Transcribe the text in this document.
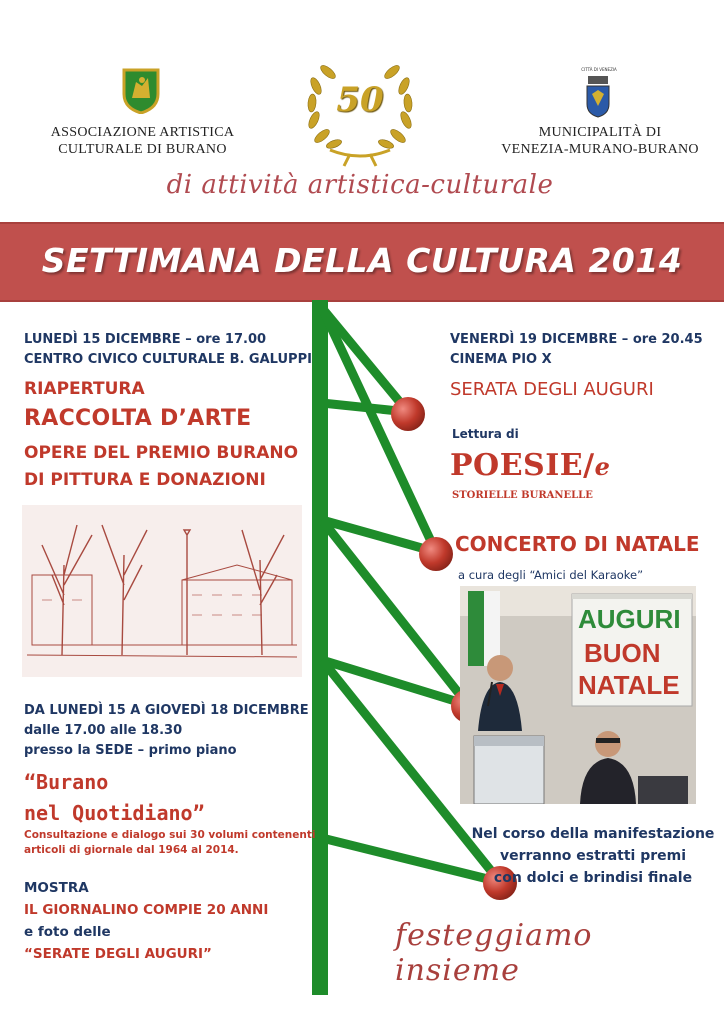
ASSOCIAZIONE ARTISTICA
CULTURALE DI BURANO
50
CITTÀ DI VENEZIA
MUNICIPALITÀ DI
VENEZIA-MURANO-BURANO
di attività artistica-culturale
SETTIMANA DELLA CULTURA 2014
LUNEDÌ 15 DICEMBRE – ore 17.00
CENTRO CIVICO CULTURALE B. GALUPPI
RIAPERTURA
RACCOLTA D’ARTE
OPERE DEL PREMIO BURANO
DI PITTURA E DONAZIONI
DA LUNEDÌ 15 A GIOVEDÌ 18 DICEMBRE
dalle 17.00 alle 18.30
presso la SEDE – primo piano
“Burano
nel Quotidiano”
Consultazione e dialogo sui 30 volumi contenenti
articoli di giornale dal 1964 al 2014.
MOSTRA
IL GIORNALINO COMPIE 20 ANNI
e foto delle
“SERATE DEGLI AUGURI”
VENERDÌ 19 DICEMBRE – ore 20.45
CINEMA PIO X
SERATA DEGLI AUGURI
Lettura di
POESIE/e
STORIELLE BURANELLE
CONCERTO DI NATALE
a cura degli “Amici del Karaoke”
AUGURI
BUON
NATALE
Nel corso della manifestazione
verranno estratti premi
con dolci e brindisi finale
festeggiamo insieme
